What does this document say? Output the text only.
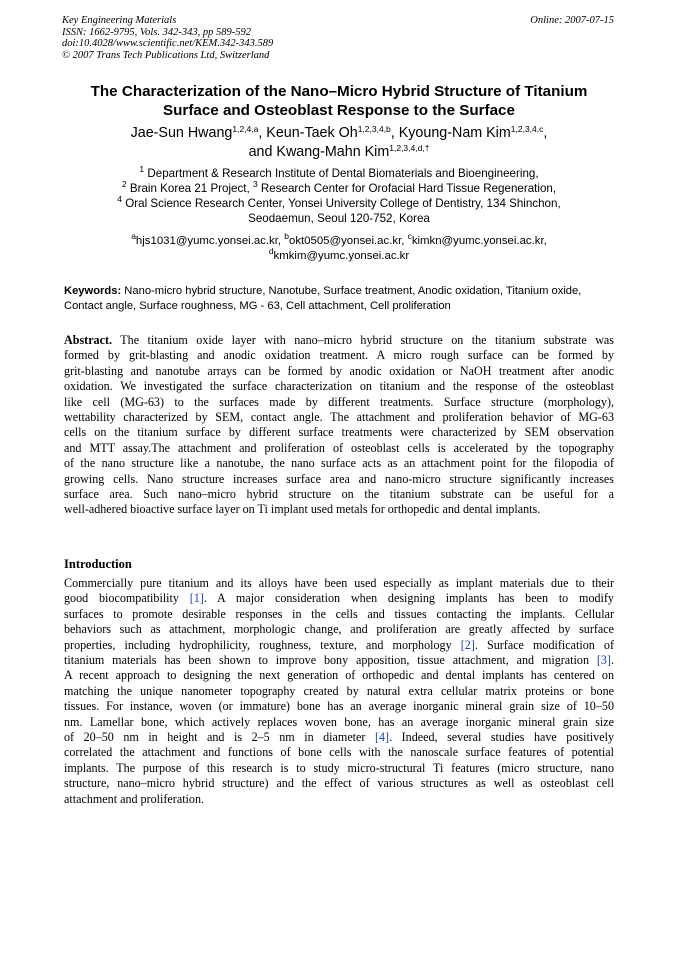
Key Engineering Materials
ISSN: 1662-9795, Vols. 342-343, pp 589-592
doi:10.4028/www.scientific.net/KEM.342-343.589
© 2007 Trans Tech Publications Ltd, Switzerland
Online: 2007-07-15
The Characterization of the Nano–Micro Hybrid Structure of Titanium
Surface and Osteoblast Response to the Surface
Jae-Sun Hwang$^{1,2,4,a}$, Keun-Taek Oh$^{1,2,3,4,b}$, Kyoung-Nam Kim$^{1,2,3,4,c}$,
and Kwang-Mahn Kim$^{1,2,3,4,d,\dagger}$
$^1$ Department & Research Institute of Dental Biomaterials and Bioengineering,
$^2$ Brain Korea 21 Project, $^3$ Research Center for Orofacial Hard Tissue Regeneration,
$^4$ Oral Science Research Center, Yonsei University College of Dentistry, 134 Shinchon,
Seodaemun, Seoul 120-752, Korea
$^a$hjs1031@yumc.yonsei.ac.kr, $^b$okt0505@yonsei.ac.kr, $^c$kimkn@yumc.yonsei.ac.kr,
$^d$kmkim@yumc.yonsei.ac.kr
Keywords: Nano-micro hybrid structure, Nanotube, Surface treatment, Anodic oxidation, Titanium oxide, Contact angle, Surface roughness, MG - 63, Cell attachment, Cell proliferation
Abstract. The titanium oxide layer with nano–micro hybrid structure on the titanium substrate was
formed by grit-blasting and anodic oxidation treatment. A micro rough surface can be formed by
grit-blasting and nanotube arrays can be formed by anodic oxidation or NaOH treatment after anodic
oxidation. We investigated the surface characterization on titanium and the response of the osteoblast
like cell (MG-63) to the surfaces made by different treatments. Surface structure (morphology),
wettability characterized by SEM, contact angle. The attachment and proliferation behavior of MG-63
cells on the titanium surface by different surface treatments were characterized by SEM observation
and MTT assay.The attachment and proliferation of osteoblast cells is accelerated by the topography
of the nano structure like a nanotube, the nano surface acts as an attachment point for the filopodia of
growing cells. Nano structure increases surface area and nano-micro structure significantly increases
surface area. Such nano–micro hybrid structure on the titanium substrate can be useful for a
well-adhered bioactive surface layer on Ti implant used metals for orthopedic and dental implants.
Introduction
Commercially pure titanium and its alloys have been used especially as implant materials due to their
good biocompatibility [1]. A major consideration when designing implants has been to modify
surfaces to promote desirable responses in the cells and tissues contacting the implants. Cellular
behaviors such as attachment, morphologic change, and proliferation are greatly affected by surface
properties, including hydrophilicity, roughness, texture, and morphology [2]. Surface modification of
titanium materials has been shown to improve bony apposition, tissue attachment, and migration [3].
A recent approach to designing the next generation of orthopedic and dental implants has centered on
matching the unique nanometer topography created by natural extra cellular matrix proteins or bone
tissues. For instance, woven (or immature) bone has an average inorganic mineral grain size of 10–50
nm. Lamellar bone, which actively replaces woven bone, has an average inorganic mineral grain size
of 20–50 nm in height and is 2–5 nm in diameter [4]. Indeed, several studies have positively
correlated the attachment and functions of bone cells with the nanoscale surface features of potential
implants. The purpose of this research is to study micro-structural Ti features (micro structure, nano
structure, nano–micro hybrid structure) and the effect of various structures as well as osteoblast cell
attachment and proliferation.
